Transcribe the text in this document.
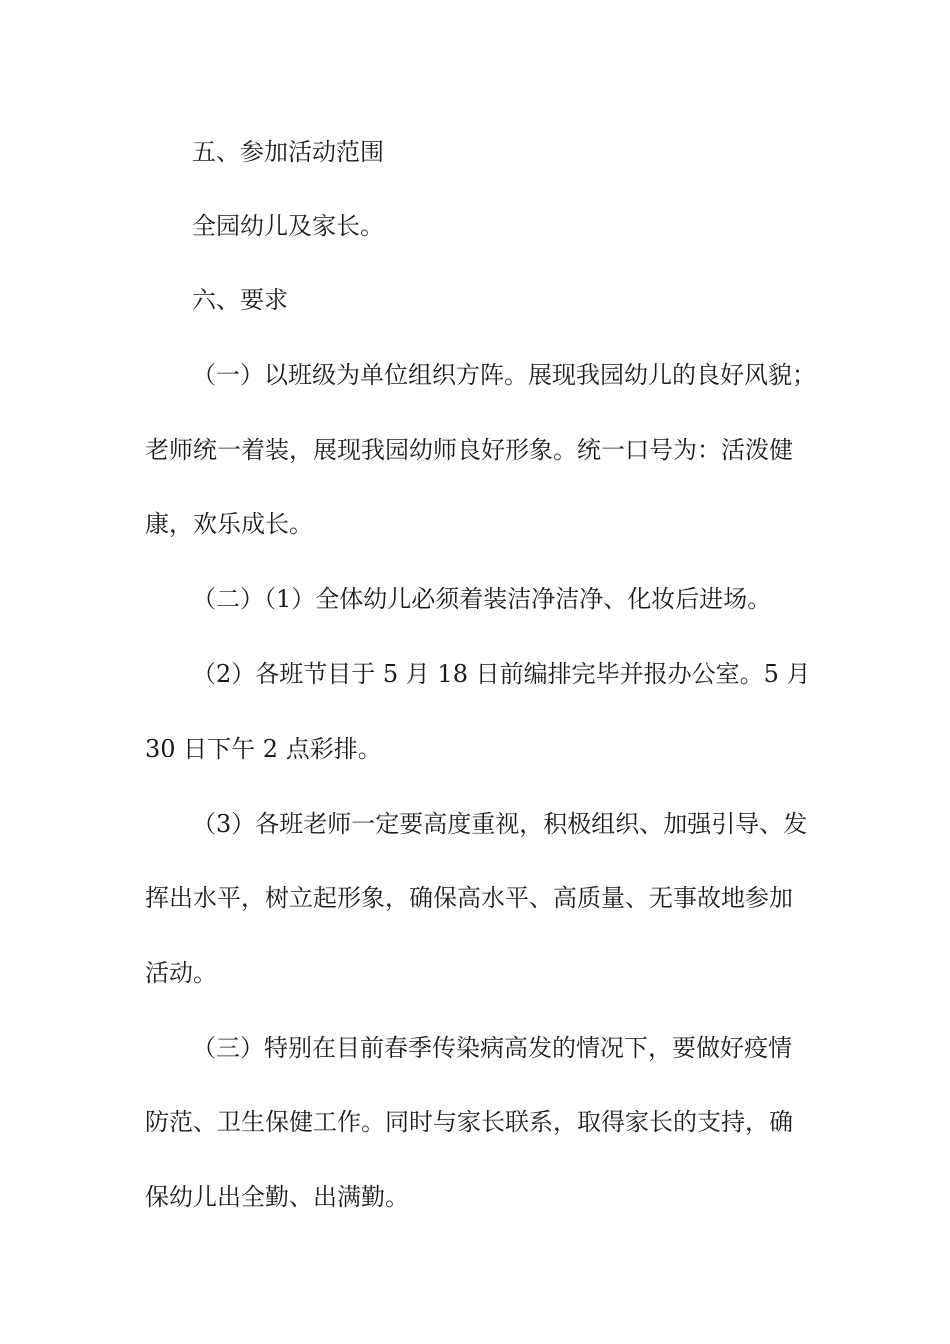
五、参加活动范围
全园幼儿及家长。
六、要求
（一）以班级为单位组织方阵。展现我园幼儿的良好风貌；
老师统一着装，展现我园幼师良好形象。统一口号为：活泼健
康，欢乐成长。
（二）（1）全体幼儿必须着装洁净洁净、化妆后进场。
（2）各班节目于 5 月 18 日前编排完毕并报办公室。5 月
30 日下午 2 点彩排。
（3）各班老师一定要高度重视，积极组织、加强引导、发
挥出水平，树立起形象，确保高水平、高质量、无事故地参加
活动。
（三）特别在目前春季传染病高发的情况下，要做好疫情
防范、卫生保健工作。同时与家长联系，取得家长的支持，确
保幼儿出全勤、出满勤。
